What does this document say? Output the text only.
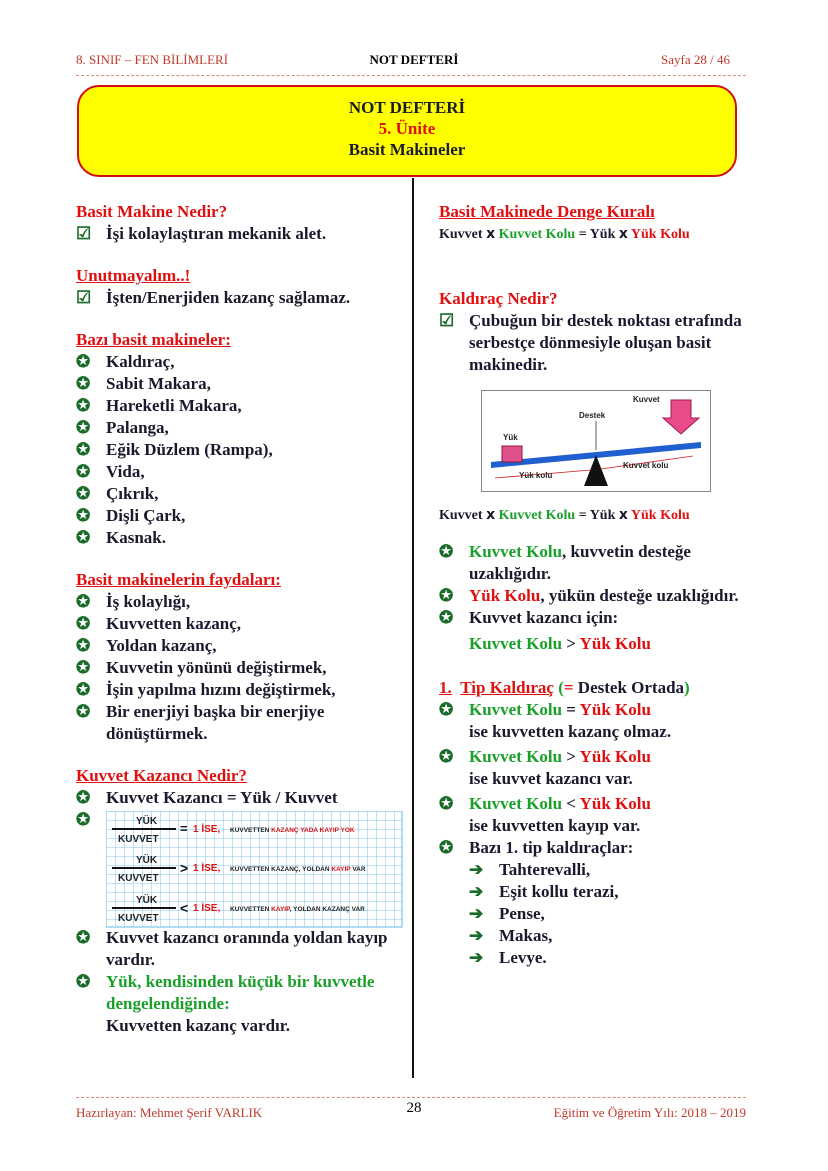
NOT DEFTERİ
8. SINIF – FEN BİLİMLERİ	Sayfa 28 / 46
NOT DEFTERİ
5. Ünite
Basit Makineler
Basit Makine Nedir?
☑ İşi kolaylaştıran mekanik alet.
Unutmayalım..!
☑ İşten/Enerjiden kazanç sağlamaz.
Bazı basit makineler:
✪ Kaldıraç,
✪ Sabit Makara,
✪ Hareketli Makara,
✪ Palanga,
✪ Eğik Düzlem (Rampa),
✪ Vida,
✪ Çıkrık,
✪ Dişli Çark,
✪ Kasnak.
Basit makinelerin faydaları:
✪ İş kolaylığı,
✪ Kuvvetten kazanç,
✪ Yoldan kazanç,
✪ Kuvvetin yönünü değiştirmek,
✪ İşin yapılma hızını değiştirmek,
✪ Bir enerjiyi başka bir enerjiye dönüştürmek.
Kuvvet Kazancı Nedir?
✪ Kuvvet Kazancı = Yük / Kuvvet
✪	YÜK
KUVVET
= 1 İSE, KUVVETTEN KAZANÇ YADA KAYIP YOK
YÜK
KUVVET
> 1 İSE, KUVVETTEN KAZANÇ, YOLDAN KAYIP VAR
YÜK
KUVVET
< 1 İSE, KUVVETTEN KAYIP, YOLDAN KAZANÇ VAR
✪ Kuvvet kazancı oranında yoldan kayıp vardır.
✪ Yük, kendisinden küçük bir kuvvetle dengelendiğinde:
Kuvvetten kazanç vardır.
Basit Makinede Denge Kuralı
Kuvvet x Kuvvet Kolu = Yük x Yük Kolu
Kaldıraç Nedir?
☑ Çubuğun bir destek noktası etrafında serbestçe dönmesiyle oluşan basit makinedir.
Kuvvet
Destek
Yük
Yük kolu
Kuvvet kolu
Kuvvet x Kuvvet Kolu = Yük x Yük Kolu
✪ Kuvvet Kolu, kuvvetin desteğe uzaklığıdır.
✪ Yük Kolu, yükün desteğe uzaklığıdır.
✪ Kuvvet kazancı için:
Kuvvet Kolu > Yük Kolu
1. Tip Kaldıraç (= Destek Ortada)
✪ Kuvvet Kolu = Yük Kolu
ise kuvvetten kazanç olmaz.
✪ Kuvvet Kolu > Yük Kolu
ise kuvvet kazancı var.
✪ Kuvvet Kolu < Yük Kolu
ise kuvvetten kayıp var.
✪ Bazı 1. tip kaldıraçlar:
➔ Tahterevalli,
➔ Eşit kollu terazi,
➔ Pense,
➔ Makas,
➔ Levye.
Hazırlayan: Mehmet Şerif VARLIK	28	Eğitim ve Öğretim Yılı: 2018 – 2019
